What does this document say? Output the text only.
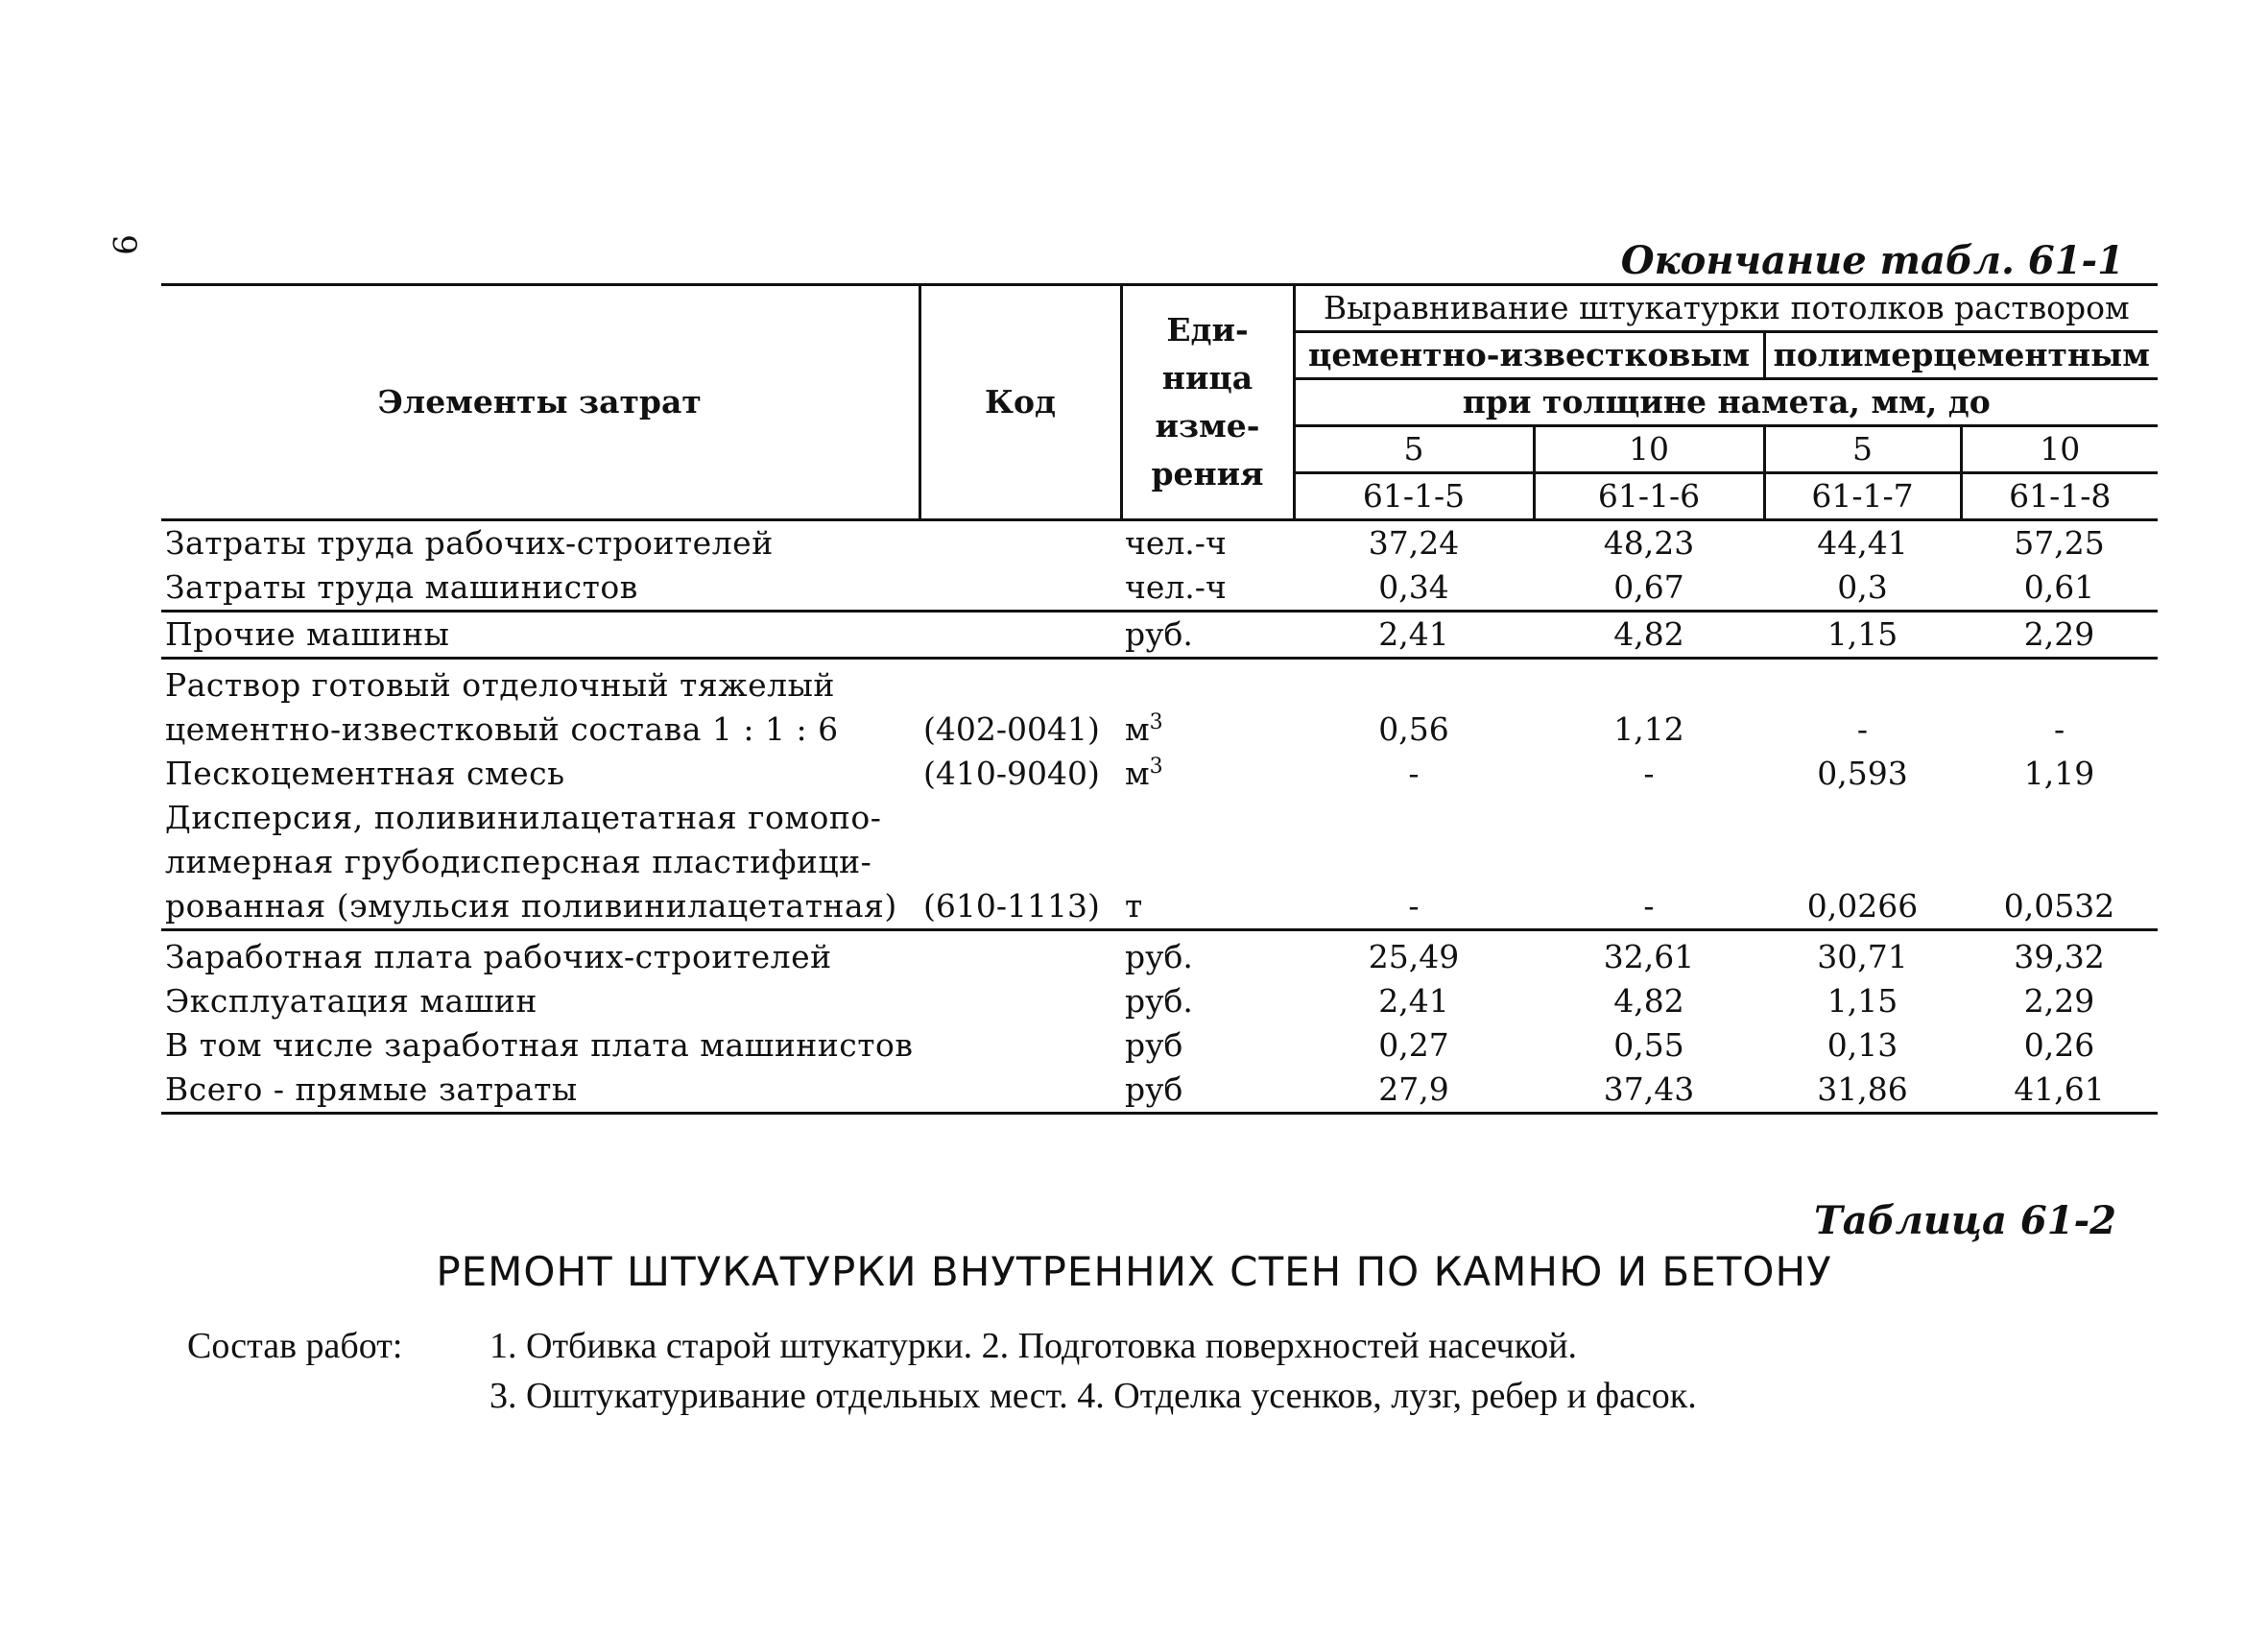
9	Окончание табл. 61-1
Элементы затрат	Код	Еди-
ница
изме-
рения	Выравнивание штукатурки потолков раствором			
			цементно-известковым		полимерцементным	
			при толщине намета, мм, до			
			5	10	5	10
			61-1-5	61-1-6	61-1-7	61-1-8
Затраты труда рабочих-строителей		чел.-ч	37,24	48,23	44,41	57,25
Затраты труда машинистов		чел.-ч	0,34	0,67	0,3	0,61
Прочие машины		руб.	2,41	4,82	1,15	2,29
Раствор готовый отделочный тяжелый						
цементно-известковый состава 1 : 1 : 6	(402-0041)	$м^3$	0,56	1,12	-	-
Пескоцементная смесь	(410-9040)	$м^3$	-	-	0,593	1,19
Дисперсия, поливинилацетатная гомопо-						
лимерная грубодисперсная пластифици-						
рованная (эмульсия поливинилацетатная)	(610-1113)	т	-	-	0,0266	0,0532
Заработная плата рабочих-строителей		руб.	25,49	32,61	30,71	39,32
Эксплуатация машин		руб.	2,41	4,82	1,15	2,29
В том числе заработная плата машинистов		руб	0,27	0,55	0,13	0,26
Всего - прямые затраты		руб	27,9	37,43	31,86	41,61
Таблица 61-2
РЕМОНТ ШТУКАТУРКИ ВНУТРЕННИХ СТЕН ПО КАМНЮ И БЕТОНУ
Состав работ: 1. Отбивка старой штукатурки. 2. Подготовка поверхностей насечкой.
3. Оштукатуривание отдельных мест. 4. Отделка усенков, лузг, ребер и фасок.
